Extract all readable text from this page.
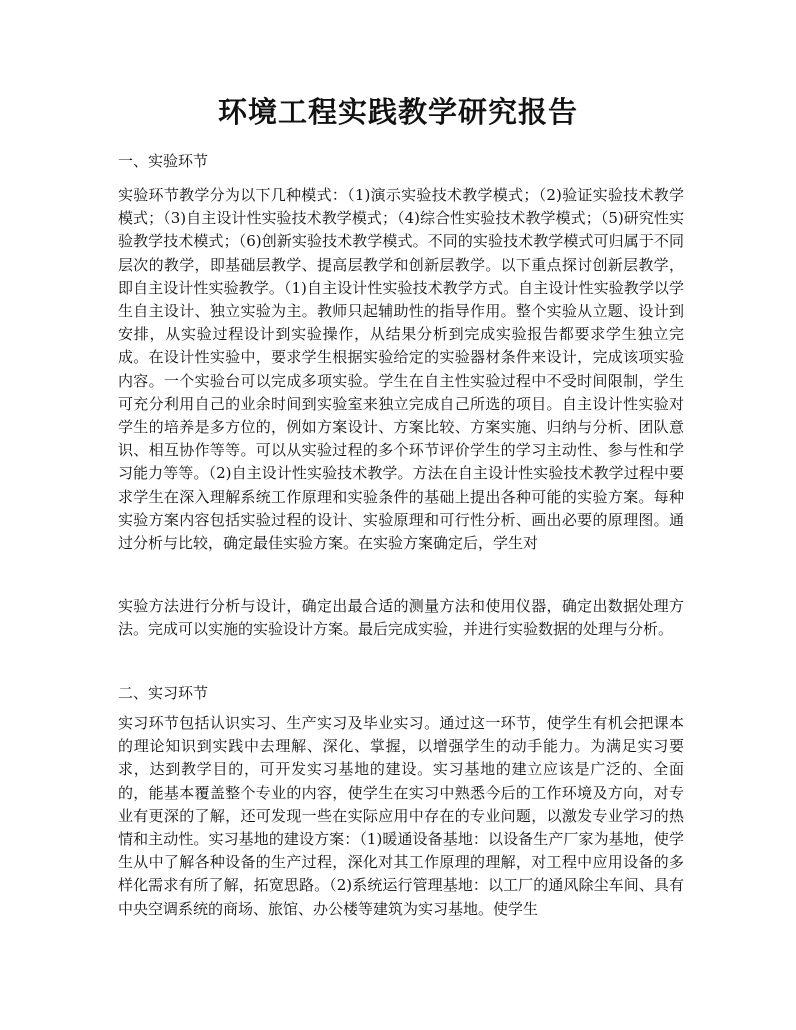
环境工程实践教学研究报告
一、实验环节

实验环节教学分为以下几种模式：（1)演示实验技术教学模式；（2)验证实验技术教学模式；（3)自主设计性实验技术教学模式；（4)综合性实验技术教学模式；（5)研究性实验教学技术模式；（6)创新实验技术教学模式。不同的实验技术教学模式可归属于不同层次的教学，即基础层教学、提高层教学和创新层教学。以下重点探讨创新层教学，即自主设计性实验教学。（1)自主设计性实验技术教学方式。自主设计性实验教学以学生自主设计、独立实验为主。教师只起辅助性的指导作用。整个实验从立题、设计到安排，从实验过程设计到实验操作，从结果分析到完成实验报告都要求学生独立完成。在设计性实验中，要求学生根据实验给定的实验器材条件来设计，完成该项实验内容。一个实验台可以完成多项实验。学生在自主性实验过程中不受时间限制，学生可充分利用自己的业余时间到实验室来独立完成自己所选的项目。自主设计性实验对学生的培养是多方位的，例如方案设计、方案比较、方案实施、归纳与分析、团队意识、相互协作等等。可以从实验过程的多个环节评价学生的学习主动性、参与性和学习能力等等。（2)自主设计性实验技术教学。方法在自主设计性实验技术教学过程中要求学生在深入理解系统工作原理和实验条件的基础上提出各种可能的实验方案。每种实验方案内容包括实验过程的设计、实验原理和可行性分析、画出必要的原理图。通过分析与比较，确定最佳实验方案。在实验方案确定后，学生对

实验方法进行分析与设计，确定出最合适的测量方法和使用仪器，确定出数据处理方法。完成可以实施的实验设计方案。最后完成实验，并进行实验数据的处理与分析。

二、实习环节

实习环节包括认识实习、生产实习及毕业实习。通过这一环节，使学生有机会把课本的理论知识到实践中去理解、深化、掌握，以增强学生的动手能力。为满足实习要求，达到教学目的，可开发实习基地的建设。实习基地的建立应该是广泛的、全面的，能基本覆盖整个专业的内容，使学生在实习中熟悉今后的工作环境及方向，对专业有更深的了解，还可发现一些在实际应用中存在的专业问题，以激发专业学习的热情和主动性。实习基地的建设方案：（1)暖通设备基地：以设备生产厂家为基地，使学生从中了解各种设备的生产过程，深化对其工作原理的理解，对工程中应用设备的多样化需求有所了解，拓宽思路。（2)系统运行管理基地：以工厂的通风除尘车间、具有中央空调系统的商场、旅馆、办公楼等建筑为实习基地。使学生
